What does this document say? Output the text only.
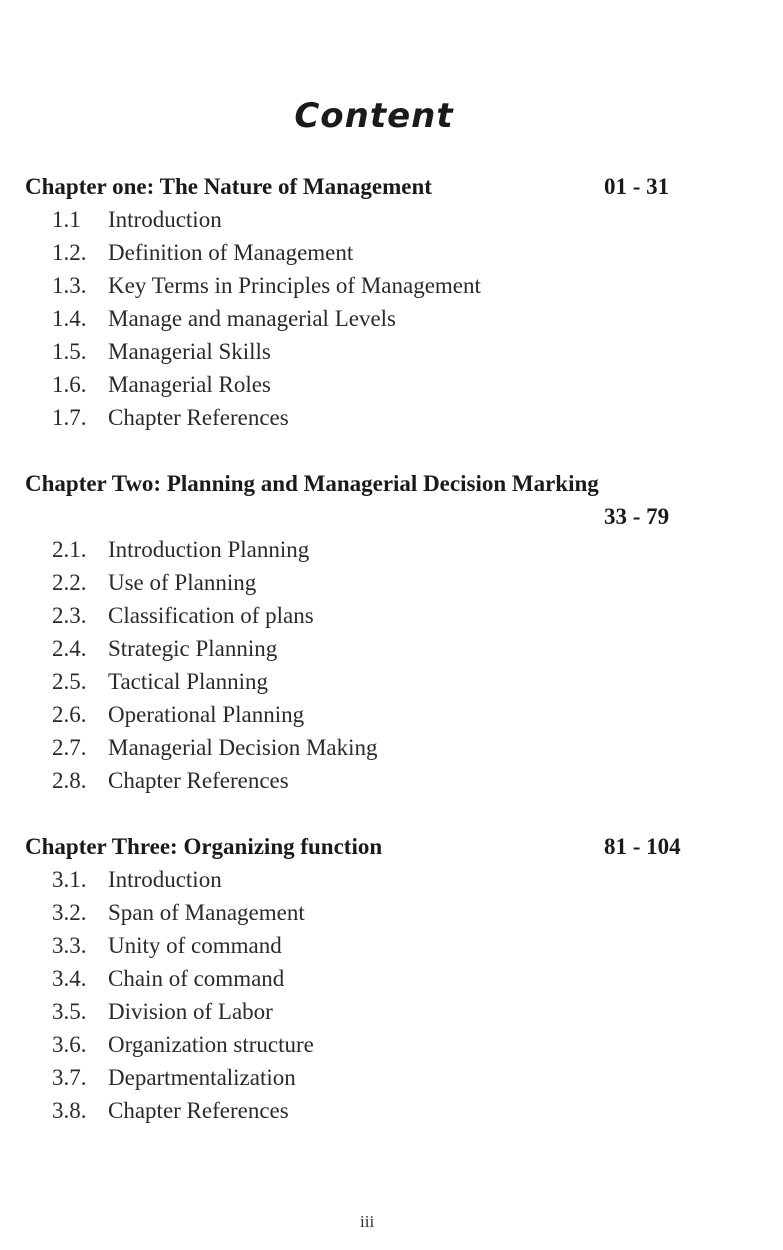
Content
Chapter one: The Nature of Management	01 - 31
1.1 Introduction
1.2. Definition of Management
1.3. Key Terms in Principles of Management
1.4. Manage and managerial Levels
1.5. Managerial Skills
1.6. Managerial Roles
1.7. Chapter References
Chapter Two: Planning and Managerial Decision Marking
33 - 79
2.1. Introduction Planning
2.2. Use of Planning
2.3. Classification of plans
2.4. Strategic Planning
2.5. Tactical Planning
2.6. Operational Planning
2.7. Managerial Decision Making
2.8. Chapter References
Chapter Three: Organizing function	81 - 104
3.1. Introduction
3.2. Span of Management
3.3. Unity of command
3.4. Chain of command
3.5. Division of Labor
3.6. Organization structure
3.7. Departmentalization
3.8. Chapter References
iii
